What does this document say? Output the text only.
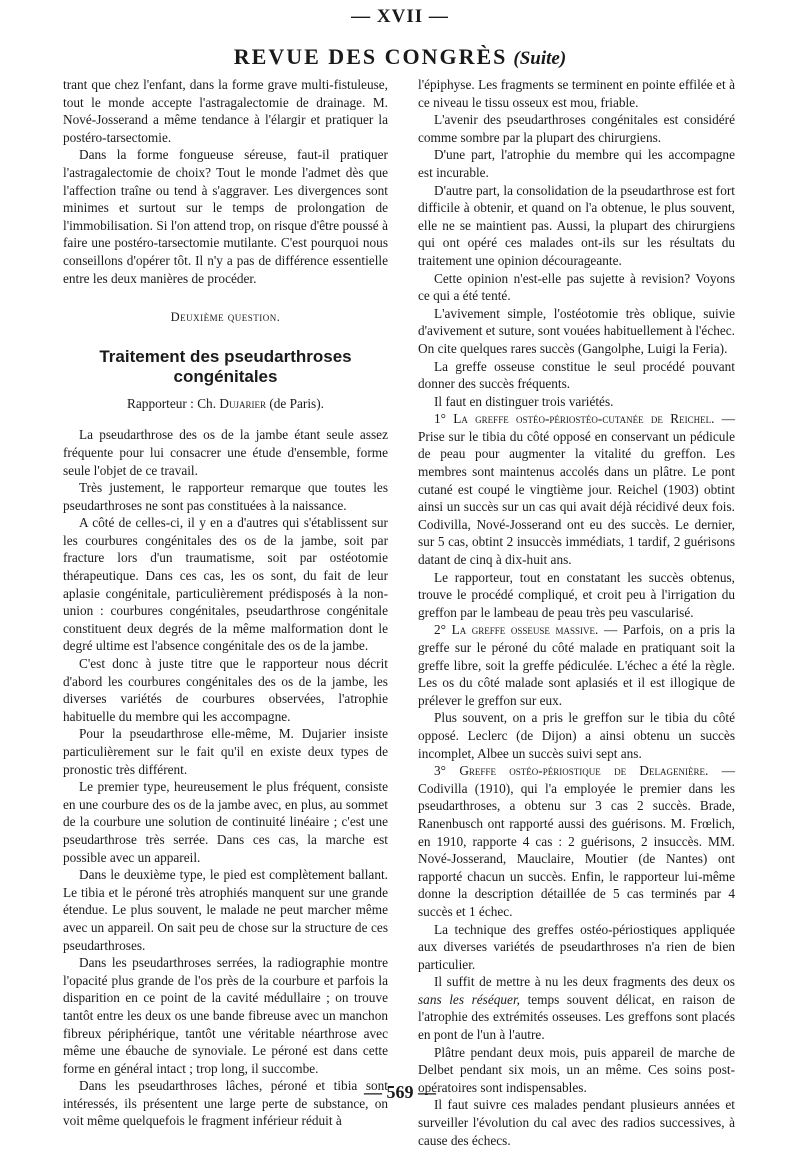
— XVII —
REVUE DES CONGRÈS (Suite)

trant que chez l'enfant, dans la forme grave multi-fistuleuse, tout le monde accepte l'astragalectomie de drainage. M. Nové-Josserand a même tendance à l'élargir et pratiquer la postéro-tarsectomie.

Dans la forme fongueuse séreuse, faut-il pratiquer l'astragalectomie de choix? Tout le monde l'admet dès que l'affection traîne ou tend à s'aggraver. Les divergences sont minimes et surtout sur le temps de prolongation de l'immobilisation. Si l'on attend trop, on risque d'être poussé à faire une postéro-tarsectomie mutilante. C'est pourquoi nous conseillons d'opérer tôt. Il n'y a pas de différence essentielle entre les deux manières de procéder.

Deuxième question.
Traitement des pseudarthroses congénitales
Rapporteur : Ch. Dujarier (de Paris).

La pseudarthrose des os de la jambe étant seule assez fréquente pour lui consacrer une étude d'ensemble, forme seule l'objet de ce travail.

Très justement, le rapporteur remarque que toutes les pseudarthroses ne sont pas constituées à la naissance.

A côté de celles-ci, il y en a d'autres qui s'établissent sur les courbures congénitales des os de la jambe, soit par fracture lors d'un traumatisme, soit par ostéotomie thérapeutique. Dans ces cas, les os sont, du fait de leur aplasie congénitale, particulièrement prédisposés à la non-union : courbures congénitales, pseudarthrose congénitale constituent deux degrés de la même malformation dont le degré ultime est l'absence congénitale des os de la jambe.

C'est donc à juste titre que le rapporteur nous décrit d'abord les courbures congénitales des os de la jambe, les diverses variétés de courbures observées, l'atrophie habituelle du membre qui les accompagne.

Pour la pseudarthrose elle-même, M. Dujarier insiste particulièrement sur le fait qu'il en existe deux types de pronostic très différent.

Le premier type, heureusement le plus fréquent, consiste en une courbure des os de la jambe avec, en plus, au sommet de la courbure une solution de continuité linéaire ; c'est une pseudarthrose très serrée. Dans ces cas, la marche est possible avec un appareil.

Dans le deuxième type, le pied est complètement ballant. Le tibia et le péroné très atrophiés manquent sur une grande étendue. Le plus souvent, le malade ne peut marcher même avec un appareil. On sait peu de chose sur la structure de ces pseudarthroses.

Dans les pseudarthroses serrées, la radiographie montre l'opacité plus grande de l'os près de la courbure et parfois la disparition en ce point de la cavité médullaire ; on trouve tantôt entre les deux os une bande fibreuse avec un manchon fibreux périphérique, tantôt une véritable néarthrose avec même une ébauche de synoviale. Le péroné est dans cette forme en général intact ; trop long, il succombe.

Dans les pseudarthroses lâches, péroné et tibia sont intéressés, ils présentent une large perte de substance, on voit même quelquefois le fragment inférieur réduit à

l'épiphyse. Les fragments se terminent en pointe effilée et à ce niveau le tissu osseux est mou, friable.

L'avenir des pseudarthroses congénitales est considéré comme sombre par la plupart des chirurgiens.

D'une part, l'atrophie du membre qui les accompagne est incurable.

D'autre part, la consolidation de la pseudarthrose est fort difficile à obtenir, et quand on l'a obtenue, le plus souvent, elle ne se maintient pas. Aussi, la plupart des chirurgiens qui ont opéré ces malades ont-ils sur les résultats du traitement une opinion décourageante.

Cette opinion n'est-elle pas sujette à revision? Voyons ce qui a été tenté.

L'avivement simple, l'ostéotomie très oblique, suivie d'avivement et suture, sont vouées habituellement à l'échec. On cite quelques rares succès (Gangolphe, Luigi la Feria).

La greffe osseuse constitue le seul procédé pouvant donner des succès fréquents.

Il faut en distinguer trois variétés.

1° La greffe ostéo-périostéo-cutanée de Reichel. — Prise sur le tibia du côté opposé en conservant un pédicule de peau pour augmenter la vitalité du greffon. Les membres sont maintenus accolés dans un plâtre. Le pont cutané est coupé le vingtième jour. Reichel (1903) obtint ainsi un succès sur un cas qui avait déjà récidivé deux fois. Codivilla, Nové-Josserand ont eu des succès. Le dernier, sur 5 cas, obtint 2 insuccès immédiats, 1 tardif, 2 guérisons datant de cinq à dix-huit ans.

Le rapporteur, tout en constatant les succès obtenus, trouve le procédé compliqué, et croit peu à l'irrigation du greffon par le lambeau de peau très peu vascularisé.

2° La greffe osseuse massive. — Parfois, on a pris la greffe sur le péroné du côté malade en pratiquant soit la greffe libre, soit la greffe pédiculée. L'échec a été la règle. Les os du côté malade sont aplasiés et il est illogique de prélever le greffon sur eux.

Plus souvent, on a pris le greffon sur le tibia du côté opposé. Leclerc (de Dijon) a ainsi obtenu un succès incomplet, Albee un succès suivi sept ans.

3° Greffe ostéo-périostique de Delagenière. — Codivilla (1910), qui l'a employée le premier dans les pseudarthroses, a obtenu sur 3 cas 2 succès. Brade, Ranenbusch ont rapporté aussi des guérisons. M. Frœlich, en 1910, rapporte 4 cas : 2 guérisons, 2 insuccès. MM. Nové-Josserand, Mauclaire, Moutier (de Nantes) ont rapporté chacun un succès. Enfin, le rapporteur lui-même donne la description détaillée de 5 cas terminés par 4 succès et 1 échec.

La technique des greffes ostéo-périostiques appliquée aux diverses variétés de pseudarthroses n'a rien de bien particulier.

Il suffit de mettre à nu les deux fragments des deux os sans les réséquer, temps souvent délicat, en raison de l'atrophie des extrémités osseuses. Les greffons sont placés en pont de l'un à l'autre.

Plâtre pendant deux mois, puis appareil de marche de Delbet pendant six mois, un an même. Ces soins post-opératoires sont indispensables.

Il faut suivre ces malades pendant plusieurs années et surveiller l'évolution du cal avec des radios successives, à cause des échecs.

— 569 —
